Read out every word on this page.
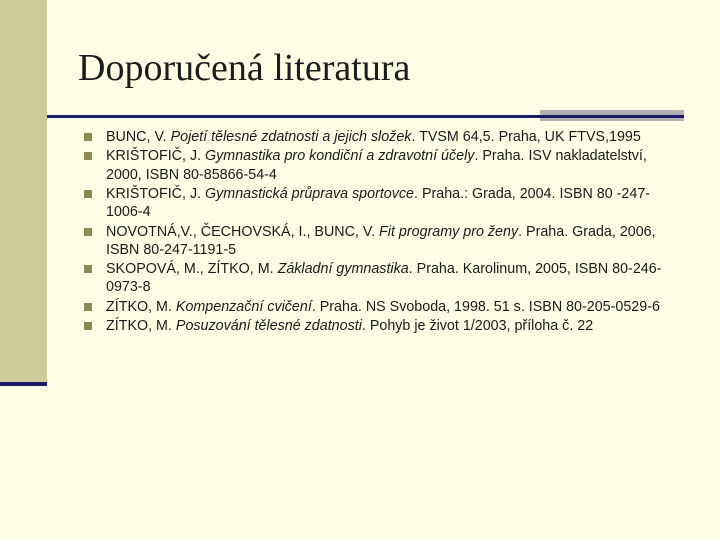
Doporučená literatura
BUNC, V. Pojetí tělesné zdatnosti a jejich složek. TVSM 64,5. Praha, UK FTVS,1995
KRIŠTOFIČ, J. Gymnastika pro kondiční a zdravotní účely. Praha. ISV nakladatelství, 2000, ISBN 80-85866-54-4
KRIŠTOFIČ, J. Gymnastická průprava sportovce. Praha.: Grada, 2004. ISBN 80 -247-1006-4
NOVOTNÁ,V., ČECHOVSKÁ, I., BUNC, V. Fit programy pro ženy. Praha. Grada, 2006, ISBN 80-247-1191-5
SKOPOVÁ, M., ZÍTKO, M. Základní gymnastika. Praha. Karolinum, 2005, ISBN 80-246-0973-8
ZÍTKO, M. Kompenzační cvičení. Praha. NS Svoboda, 1998. 51 s. ISBN 80-205-0529-6
ZÍTKO, M. Posuzování tělesné zdatnosti. Pohyb je život 1/2003, příloha č. 22
